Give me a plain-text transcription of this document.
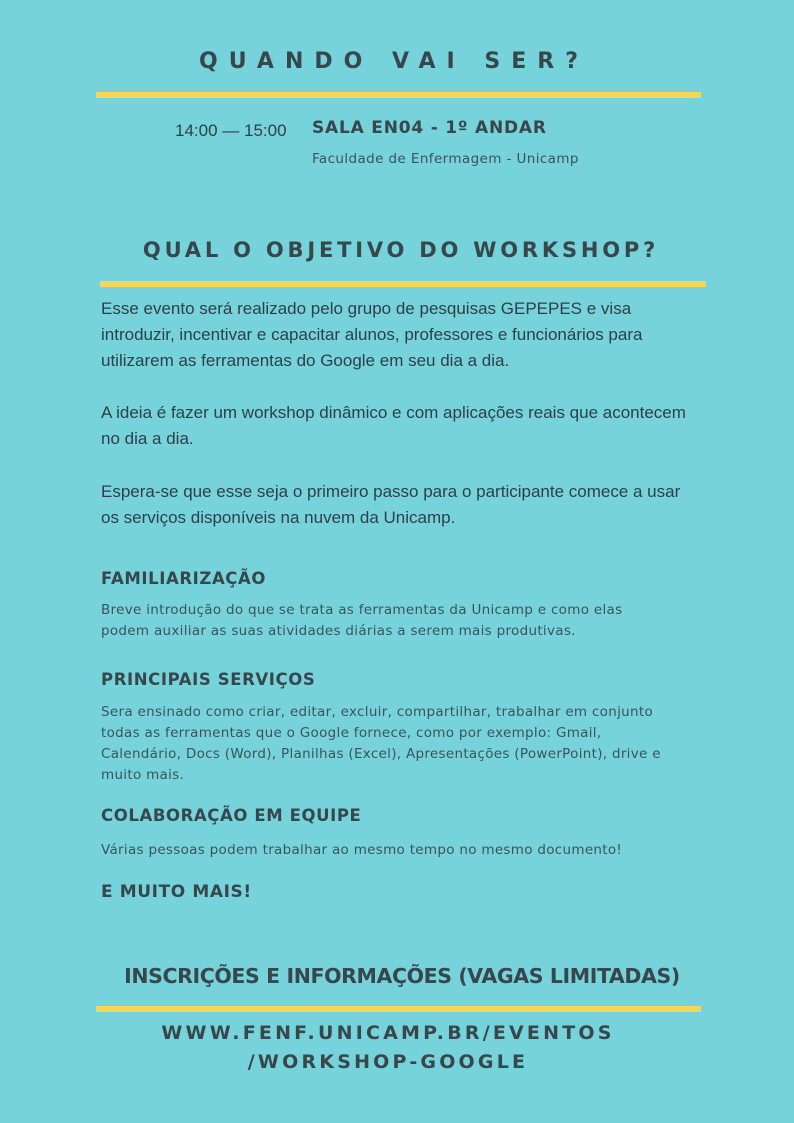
QUANDO VAI SER?
14:00 — 15:00 SALA EN04 - 1º ANDAR
Faculdade de Enfermagem - Unicamp
QUAL O OBJETIVO DO WORKSHOP?

Esse evento será realizado pelo grupo de pesquisas GEPEPES e visa introduzir, incentivar e capacitar alunos, professores e funcionários para utilizarem as ferramentas do Google em seu dia a dia.

A ideia é fazer um workshop dinâmico e com aplicações reais que acontecem no dia a dia.

Espera-se que esse seja o primeiro passo para o participante comece a usar os serviços disponíveis na nuvem da Unicamp.

FAMILIARIZAÇÃO

Breve introdução do que se trata as ferramentas da Unicamp e como elas podem auxiliar as suas atividades diárias a serem mais produtivas.

PRINCIPAIS SERVIÇOS

Sera ensinado como criar, editar, excluir, compartilhar, trabalhar em conjunto todas as ferramentas que o Google fornece, como por exemplo: Gmail, Calendário, Docs (Word), Planilhas (Excel), Apresentações (PowerPoint), drive e muito mais.

COLABORAÇÃO EM EQUIPE

Várias pessoas podem trabalhar ao mesmo tempo no mesmo documento!

E MUITO MAIS!
INSCRIÇÕES E INFORMAÇÕES (VAGAS LIMITADAS)
WWW.FENF.UNICAMP.BR/EVENTOS
/WORKSHOP-GOOGLE
